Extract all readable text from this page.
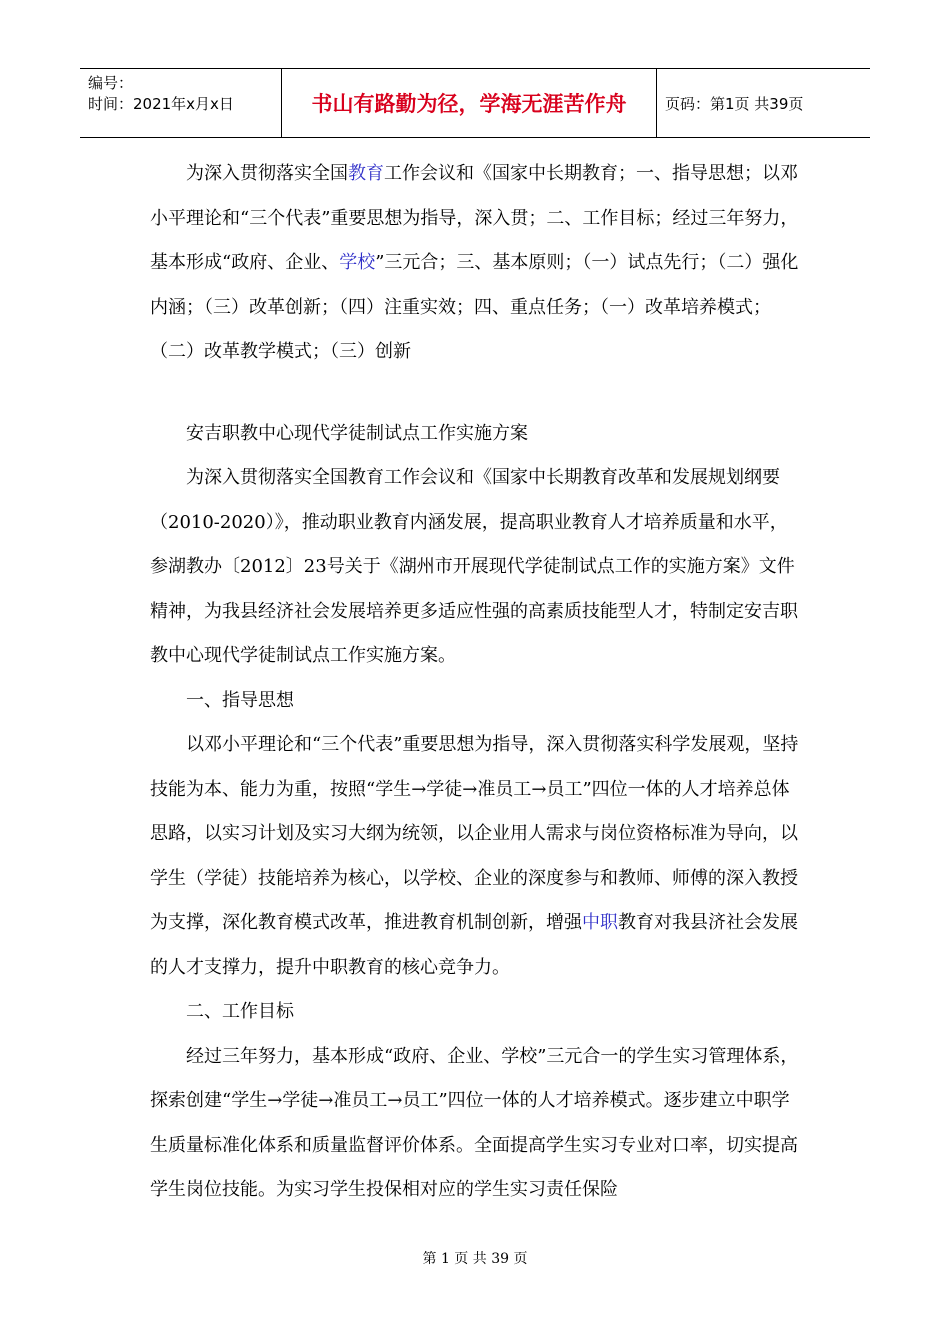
编号：
时间：2021年x月x日	书山有路勤为径，学海无涯苦作舟	页码：第1页 共39页

为深入贯彻落实全国教育工作会议和《国家中长期教育；一、指导思想；以邓小平理论和“三个代表”重要思想为指导，深入贯；二、工作目标；经过三年努力，基本形成“政府、企业、学校”三元合；三、基本原则；（一）试点先行；（二）强化内涵；（三）改革创新；（四）注重实效；四、重点任务；（一）改革培养模式；（二）改革教学模式；（三）创新

安吉职教中心现代学徒制试点工作实施方案

为深入贯彻落实全国教育工作会议和《国家中长期教育改革和发展规划纲要（2010-2020）》，推动职业教育内涵发展，提高职业教育人才培养质量和水平，参湖教办〔2012〕23号关于《湖州市开展现代学徒制试点工作的实施方案》文件精神，为我县经济社会发展培养更多适应性强的高素质技能型人才，特制定安吉职教中心现代学徒制试点工作实施方案。

一、指导思想

以邓小平理论和“三个代表”重要思想为指导，深入贯彻落实科学发展观，坚持技能为本、能力为重，按照“学生→学徒→准员工→员工”四位一体的人才培养总体思路，以实习计划及实习大纲为统领，以企业用人需求与岗位资格标准为导向，以学生（学徒）技能培养为核心，以学校、企业的深度参与和教师、师傅的深入教授为支撑，深化教育模式改革，推进教育机制创新，增强中职教育对我县济社会发展的人才支撑力，提升中职教育的核心竞争力。

二、工作目标

经过三年努力，基本形成“政府、企业、学校”三元合一的学生实习管理体系，探索创建“学生→学徒→准员工→员工”四位一体的人才培养模式。逐步建立中职学生质量标准化体系和质量监督评价体系。全面提高学生实习专业对口率，切实提高学生岗位技能。为实习学生投保相对应的学生实习责任保险

第 1 页 共 39 页
